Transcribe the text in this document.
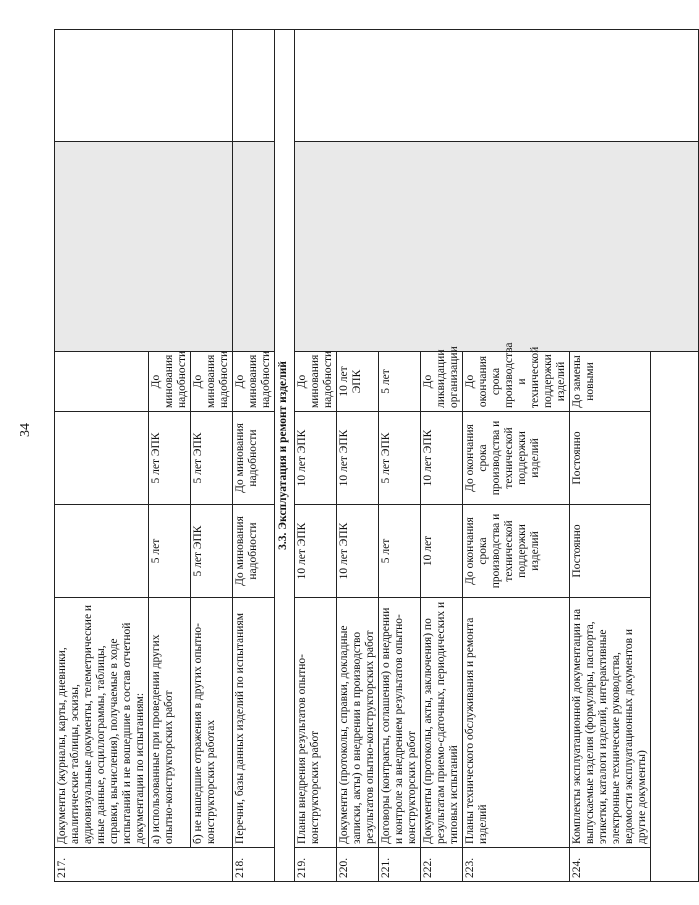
34
217.	Документы (журналы, карты, дневники, аналитические таблицы, эскизы, аудиовизуальные документы, телеметрические и иные данные, осциллограммы, таблицы, справки, вычисления), получаемые в ходе испытаний и не вошедшие в состав отчетной документации по испытаниям:					
	а) использованные при проведении других опытно-конструкторских работ	5 лет	5 лет ЭПК	До минования надобности		
	б) не нашедшие отражения в других опытно-конструкторских работах	5 лет ЭПК	5 лет ЭПК	До минования надобности		
218.	Перечни, базы данных изделий по испытаниям	До минования надобности	До минования надобности	До минования надобности		
3.3. Эксплуатация и ремонт изделий						
219.	Планы внедрения результатов опытно-конструкторских работ	10 лет ЭПК	10 лет ЭПК	До минования надобности		
220.	Документы (протоколы, справки, докладные записки, акты) о внедрении в производство результатов опытно-конструкторских работ	10 лет ЭПК	10 лет ЭПК	10 лет ЭПК		
221.	Договоры (контракты, соглашения) о внедрении и контроле за внедрением результатов опытно-конструкторских работ	5 лет	5 лет ЭПК	5 лет		
222.	Документы (протоколы, акты, заключения) по результатам приемо-сдаточных, периодических и типовых испытаний	10 лет	10 лет ЭПК	До ликвидации организации		
223.	Планы технического обслуживания и ремонта изделий	До окончания срока производства и технической поддержки изделий	До окончания срока производства и технической поддержки изделий	До окончания срока производства и технической поддержки изделий		
224.	Комплекты эксплуатационной документации на выпускаемые изделия (формуляры, паспорта, этикетки, каталоги изделий, интерактивные электронные технические руководства, ведомости эксплуатационных документов и другие документы)	Постоянно	Постоянно	До замены новыми		
